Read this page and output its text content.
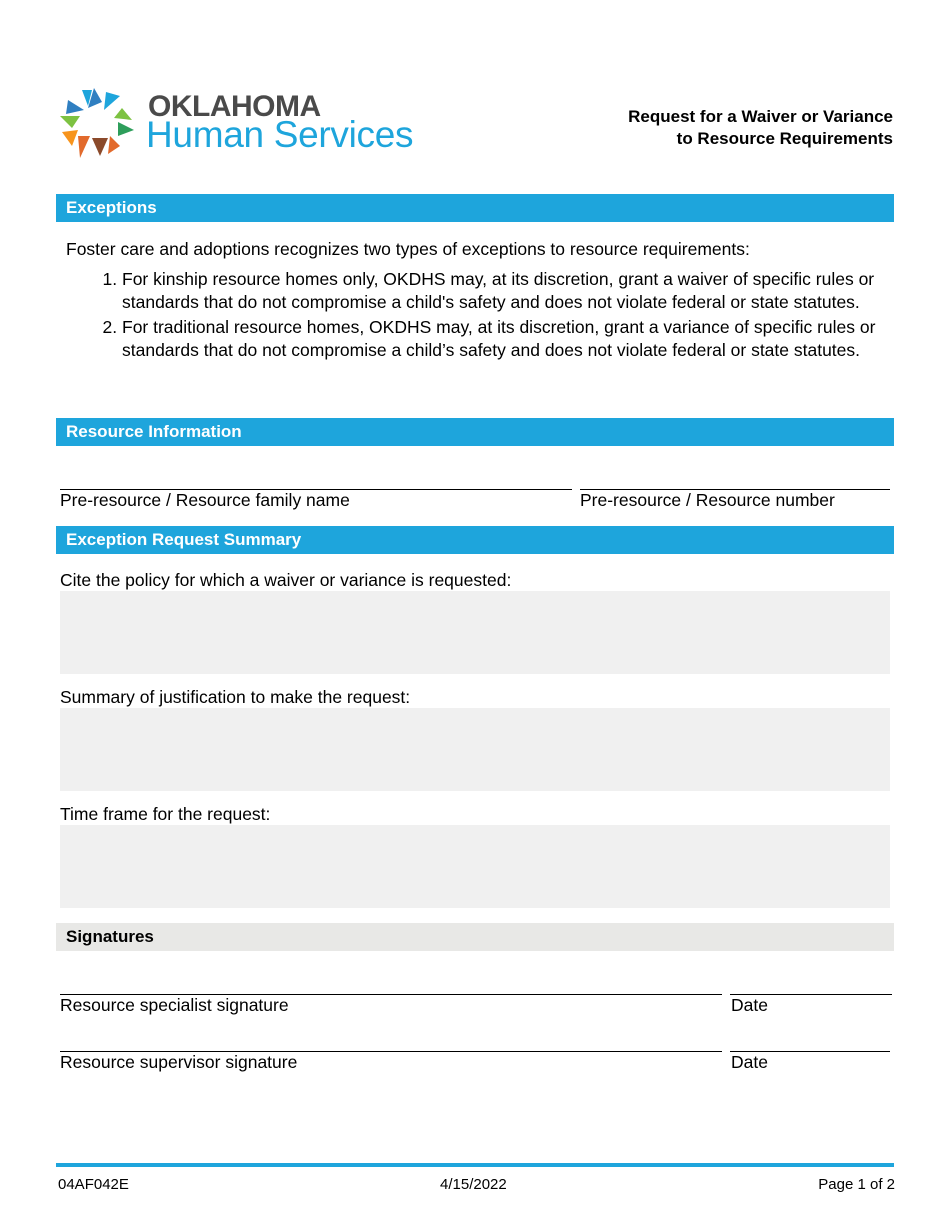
OKLAHOMA
Human Services	Request for a Waiver or Variance
to Resource Requirements
Exceptions
Foster care and adoptions recognizes two types of exceptions to resource requirements:
1. For kinship resource homes only, OKDHS may, at its discretion, grant a waiver of specific rules or standards that do not compromise a child's safety and does not violate federal or state statutes.
2. For traditional resource homes, OKDHS may, at its discretion, grant a variance of specific rules or standards that do not compromise a child’s safety and does not violate federal or state statutes.
Resource Information
Pre-resource / Resource family name	Pre-resource / Resource number
Exception Request Summary
Cite the policy for which a waiver or variance is requested:
Summary of justification to make the request:
Time frame for the request:
Signatures
Resource specialist signature	Date
Resource supervisor signature	Date
04AF042E	4/15/2022	Page 1 of 2
